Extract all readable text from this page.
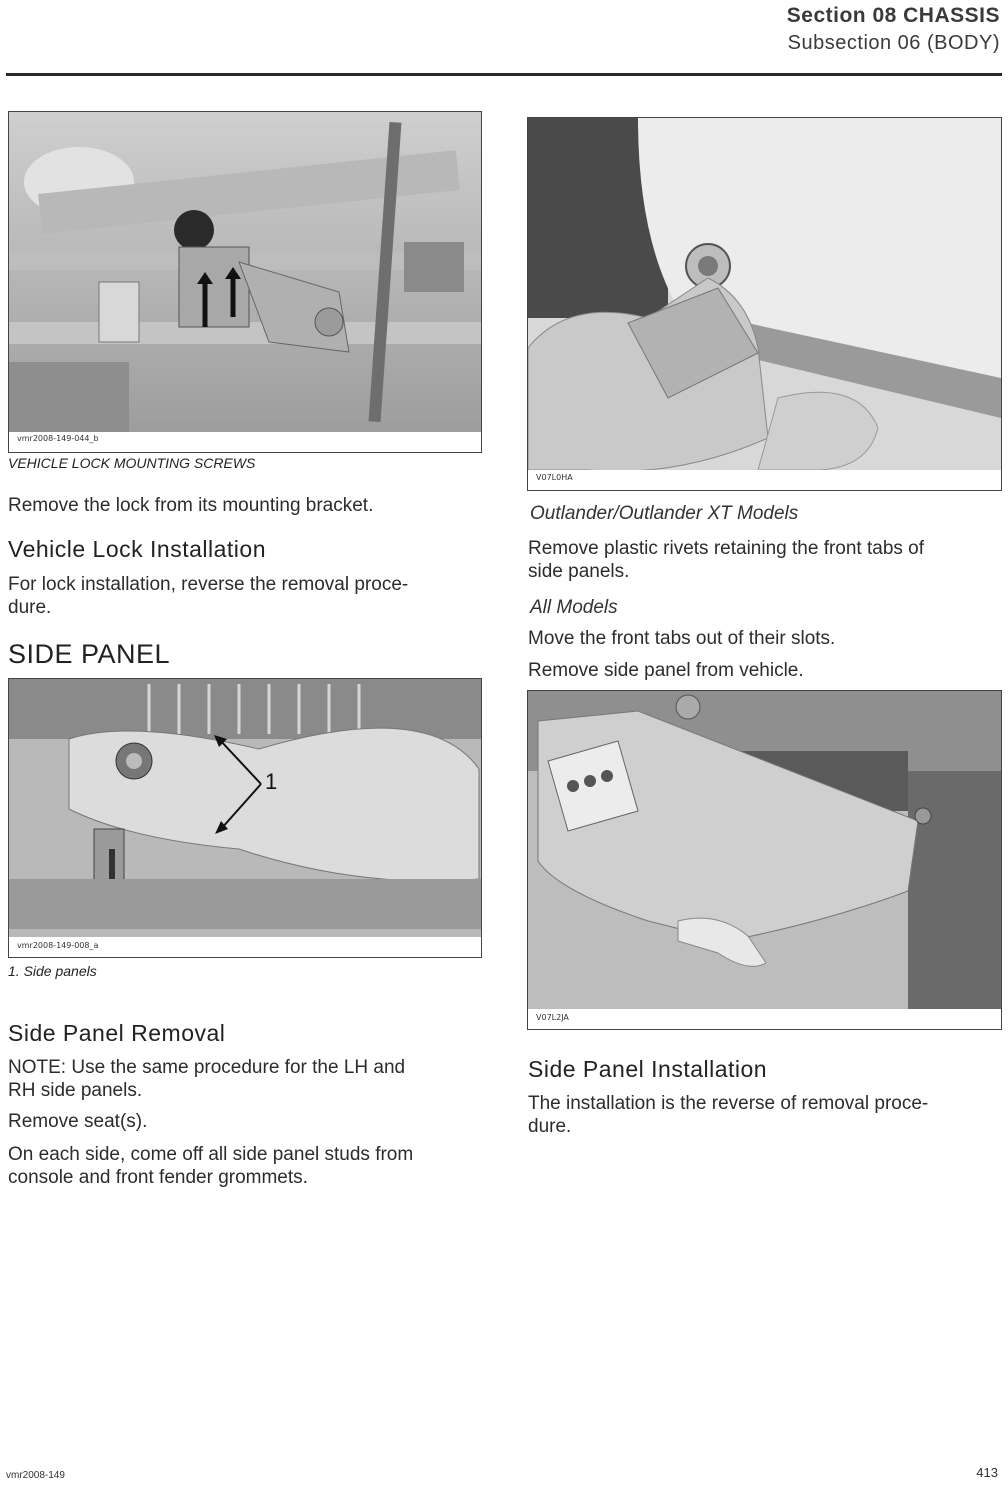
Section 08 CHASSIS
Subsection 06 (BODY)
vmr2008-149-044_b
VEHICLE LOCK MOUNTING SCREWS
Remove the lock from its mounting bracket.
Vehicle Lock Installation
For lock installation, reverse the removal proce-
dure.
SIDE PANEL
1
vmr2008-149-008_a
1. Side panels
Side Panel Removal
NOTE: Use the same procedure for the LH and
RH side panels.
Remove seat(s).
On each side, come off all side panel studs from
console and front fender grommets.
V07L0HA
Outlander/Outlander XT Models
Remove plastic rivets retaining the front tabs of
side panels.
All Models
Move the front tabs out of their slots.
Remove side panel from vehicle.
V07L2JA
Side Panel Installation
The installation is the reverse of removal proce-
dure.
vmr2008-149	413
